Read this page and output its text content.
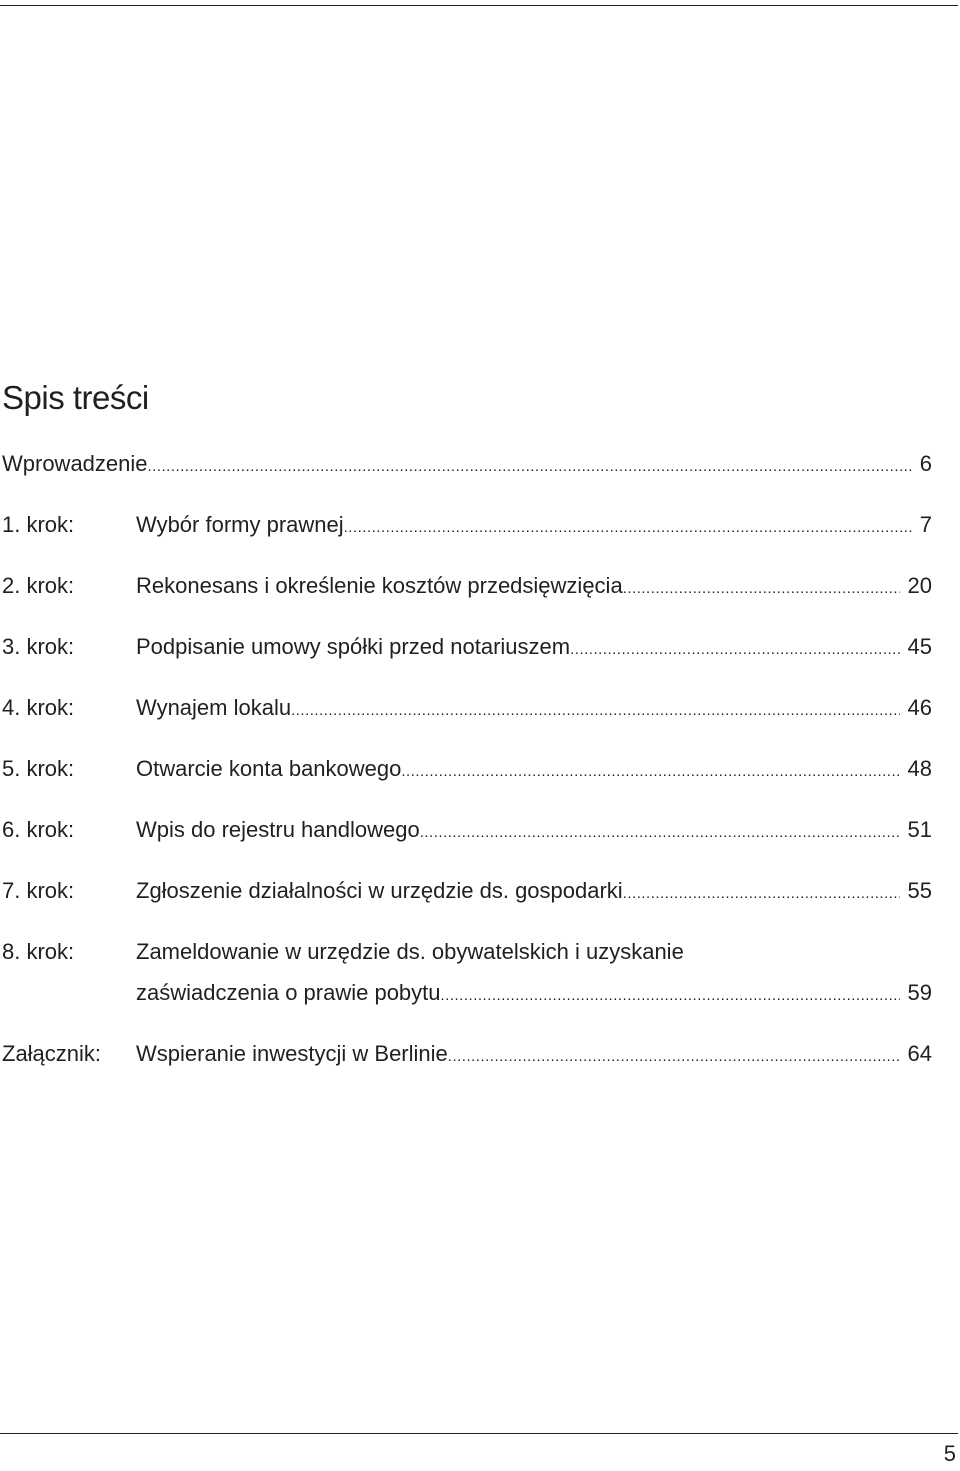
Spis treści
Wprowadzenie .....	6
1. krok:	Wybór formy prawnej .....	7
2. krok:	Rekonesans i określenie kosztów przedsięwzięcia .....	20
3. krok:	Podpisanie umowy spółki przed notariuszem .....	45
4. krok:	Wynajem lokalu .....	46
5. krok:	Otwarcie konta bankowego .....	48
6. krok:	Wpis do rejestru handlowego .....	51
7. krok:	Zgłoszenie działalności w urzędzie ds. gospodarki .....	55
8. krok:	Zameldowanie w urzędzie ds. obywatelskich i uzyskanie
zaświadczenia o prawie pobytu .....	59
Załącznik: Wspieranie inwestycji w Berlinie .....	64
5
